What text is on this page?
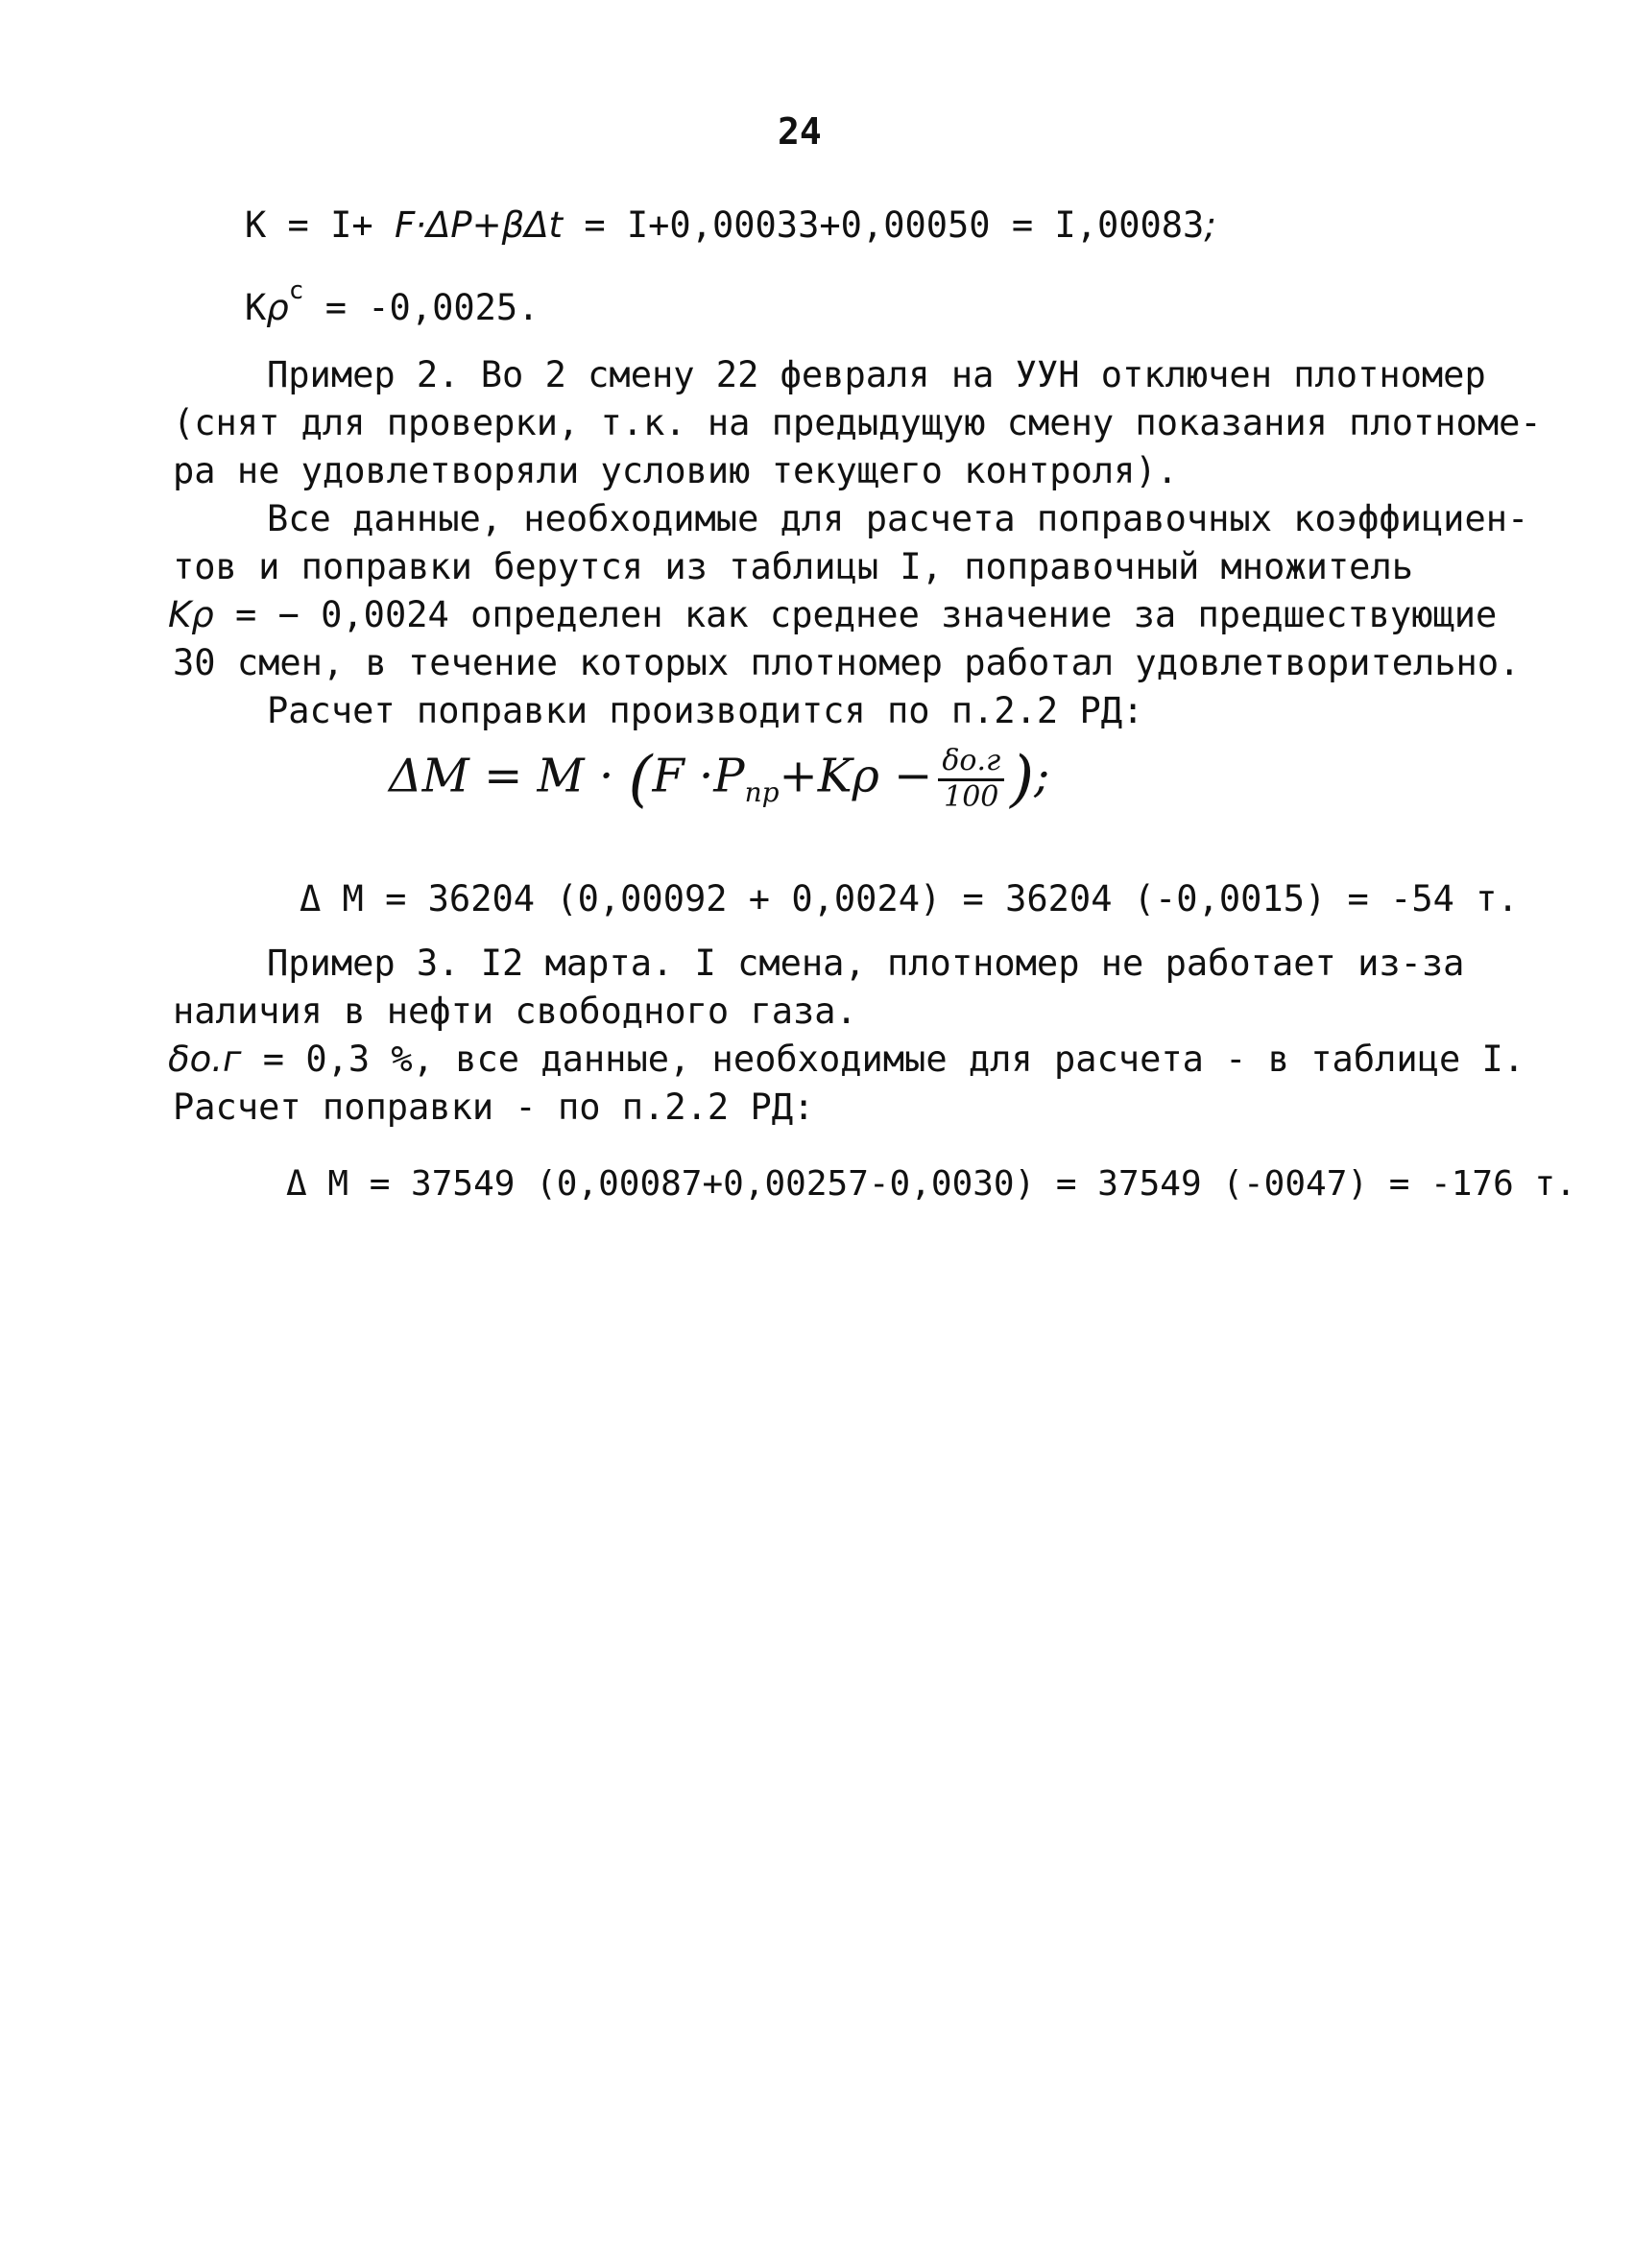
24
К = I+ F·ΔP+βΔt = I+0,00033+0,00050 = I,00083;
$К\rho^с = -0,0025$.
Пример 2. Во 2 смену 22 февраля на УУН отключен плотномер
(снят для проверки, т.к. на предыдущую смену показания плотноме-
ра не удовлетворяли условию текущего контроля).
Все данные, необходимые для расчета поправочных коэффициен-
тов и поправки берутся из таблицы I, поправочный множитель
Kρ = − 0,0024 определен как среднее значение за предшествующие
30 смен, в течение которых плотномер работал удовлетворительно.
Расчет поправки производится по п.2.2 РД:
$\Delta M = M \cdot (F \cdot P_{пр}+K\rho - \frac{\delta о.г}{100}$ );
Δ М = 36204 (0,00092 + 0,0024) = 36204 (-0,0015) = -54 т.
Пример 3. I2 марта. I смена, плотномер не работает из-за
наличия в нефти свободного газа.
δо.г = 0,3 %, все данные, необходимые для расчета - в таблице I.
Расчет поправки - по п.2.2 РД:
Δ М = 37549 (0,00087+0,00257-0,0030) = 37549 (-0047) = -176 т.
